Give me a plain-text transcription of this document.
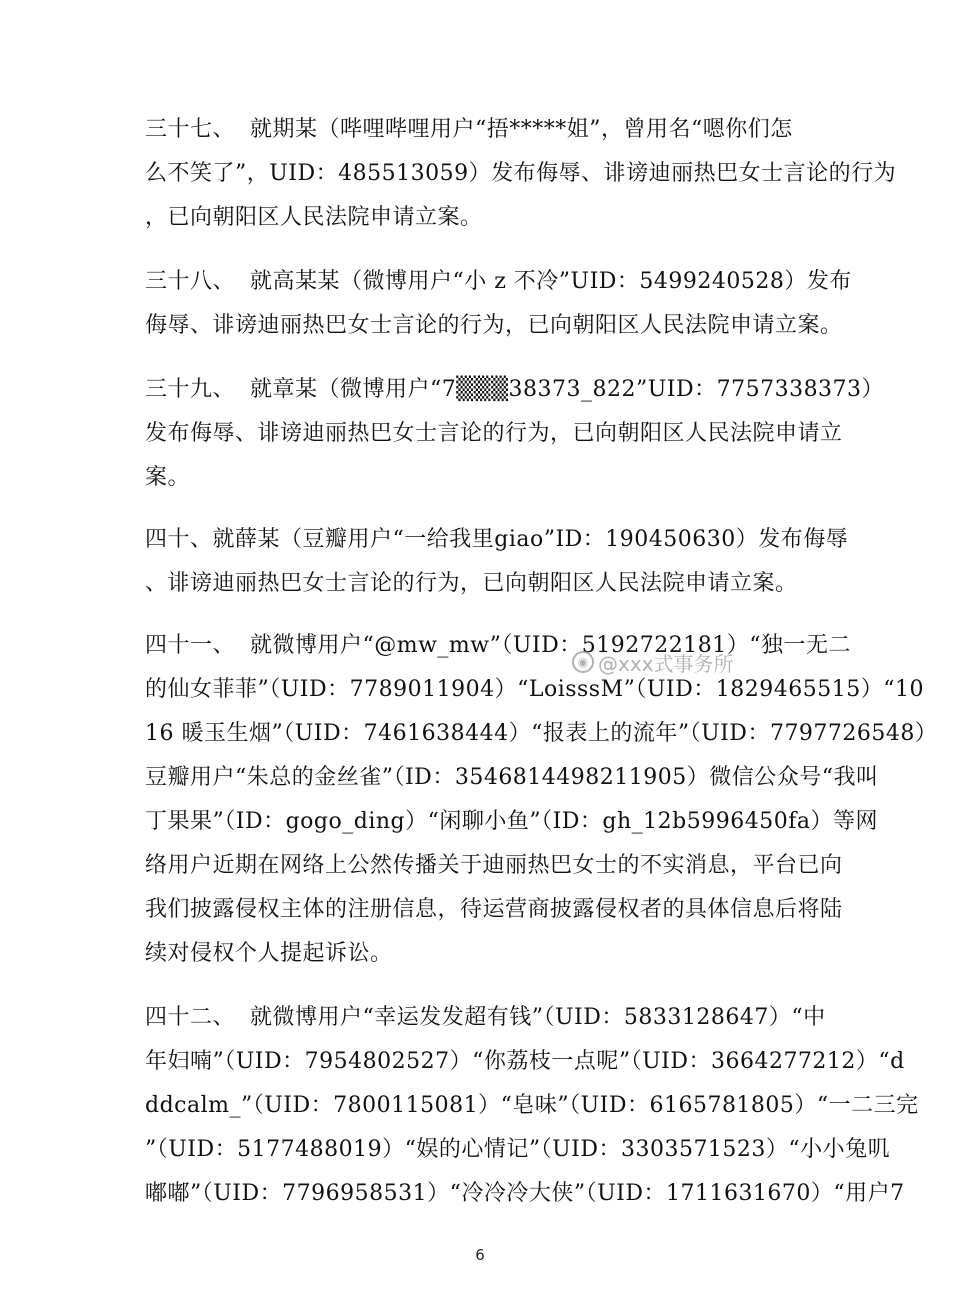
三十七、  就期某（哔哩哔哩用户“捂*****姐”，曾用名“嗯你们怎
么不笑了”，UID：485513059）发布侮辱、诽谤迪丽热巴女士言论的行为
，已向朝阳区人民法院申请立案。
三十八、  就高某某（微博用户“小 z 不冷”UID：5499240528）发布
侮辱、诽谤迪丽热巴女士言论的行为，已向朝阳区人民法院申请立案。
三十九、  就章某（微博用户“7▒▒▒38373_822”UID：7757338373）
发布侮辱、诽谤迪丽热巴女士言论的行为，已向朝阳区人民法院申请立
案。
四十、就薛某（豆瓣用户“一给我里giao”ID：190450630）发布侮辱
、诽谤迪丽热巴女士言论的行为，已向朝阳区人民法院申请立案。
四十一、  就微博用户“@mw_mw”（UID：5192722181）“独一无二
的仙女菲菲”（UID：7789011904）“LoisssM”（UID：1829465515）“10
16 暖玉生烟”（UID：7461638444）“报表上的流年”（UID：7797726548）
豆瓣用户“朱总的金丝雀”（ID：3546814498211905）微信公众号“我叫
丁果果”（ID：gogo_ding）“闲聊小鱼”（ID：gh_12b5996450fa）等网
络用户近期在网络上公然传播关于迪丽热巴女士的不实消息，平台已向
我们披露侵权主体的注册信息，待运营商披露侵权者的具体信息后将陆
续对侵权个人提起诉讼。
◉ @xxx式事务所
四十二、  就微博用户“幸运发发超有钱”（UID：5833128647）“中
年妇喃”（UID：7954802527）“你荔枝一点呢”（UID：3664277212）“d
ddcalm_”（UID：7800115081）“皂味”（UID：6165781805）“一二三完
”（UID：5177488019）“娱的心情记”（UID：3303571523）“小小兔叽
嘟嘟”（UID：7796958531）“冷冷冷大侠”（UID：1711631670）“用户7
6
